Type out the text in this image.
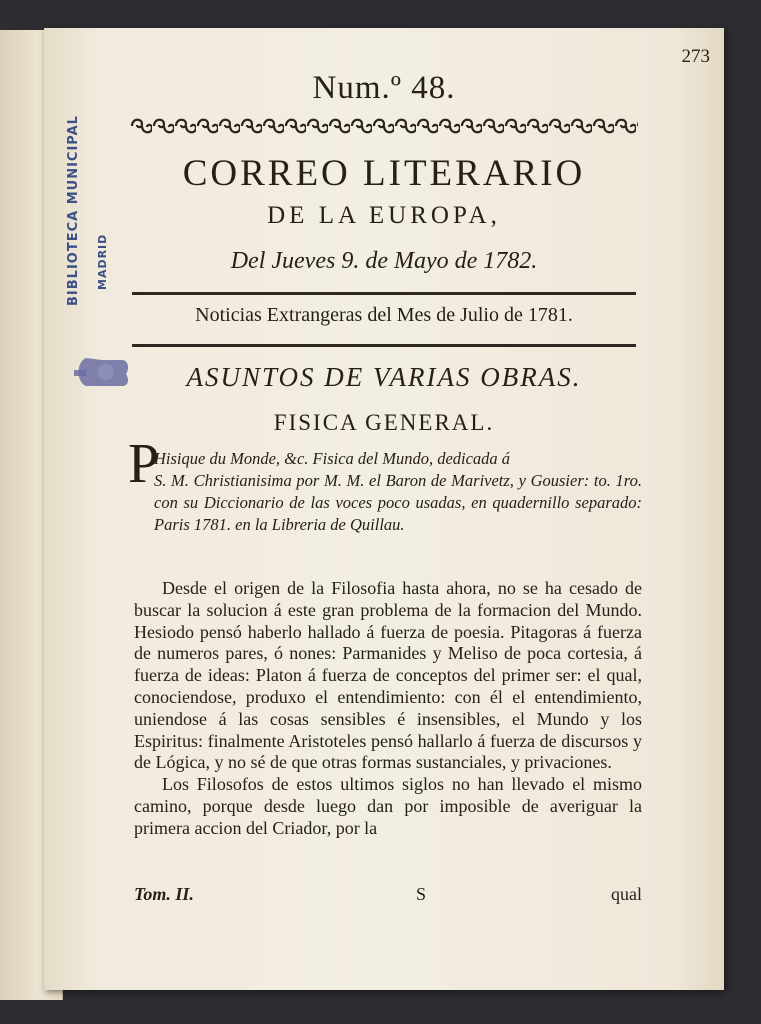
BIBLIOTECA MUNICIPAL MADRID
273
Num.º 48.
CORREO LITERARIO
DE LA EUROPA,
Del Jueves 9. de Mayo de 1782.
Noticias Extrangeras del Mes de Julio de 1781.
ASUNTOS DE VARIAS OBRAS.
FISICA GENERAL.
P
Hisique du Monde, &c. Fisica del Mundo, dedicada á
S. M. Christianisima por M. M. el Baron de Marivetz, y Gousier: to. 1ro. con su Diccionario de las voces poco usadas, en quadernillo separado: Paris 1781. en la Libreria de Quillau.

Desde el origen de la Filosofia hasta ahora, no se ha cesado de buscar la solucion á este gran problema de la formacion del Mundo. Hesiodo pensó haberlo hallado á fuerza de poesia. Pitagoras á fuerza de numeros pares, ó nones: Parmanides y Meliso de poca cortesia, á fuerza de ideas: Platon á fuerza de conceptos del primer ser: el qual, conociendose, produxo el entendimiento: con él el entendimiento, uniendose á las cosas sensibles é insensibles, el Mundo y los Espiritus: finalmente Aristoteles pensó hallarlo á fuerza de discursos y de Lógica, y no sé de que otras formas sustanciales, y privaciones.

Los Filosofos de estos ultimos siglos no han llevado el mismo camino, porque desde luego dan por imposible de averiguar la primera accion del Criador, por la

Tom. II.	S	qual
